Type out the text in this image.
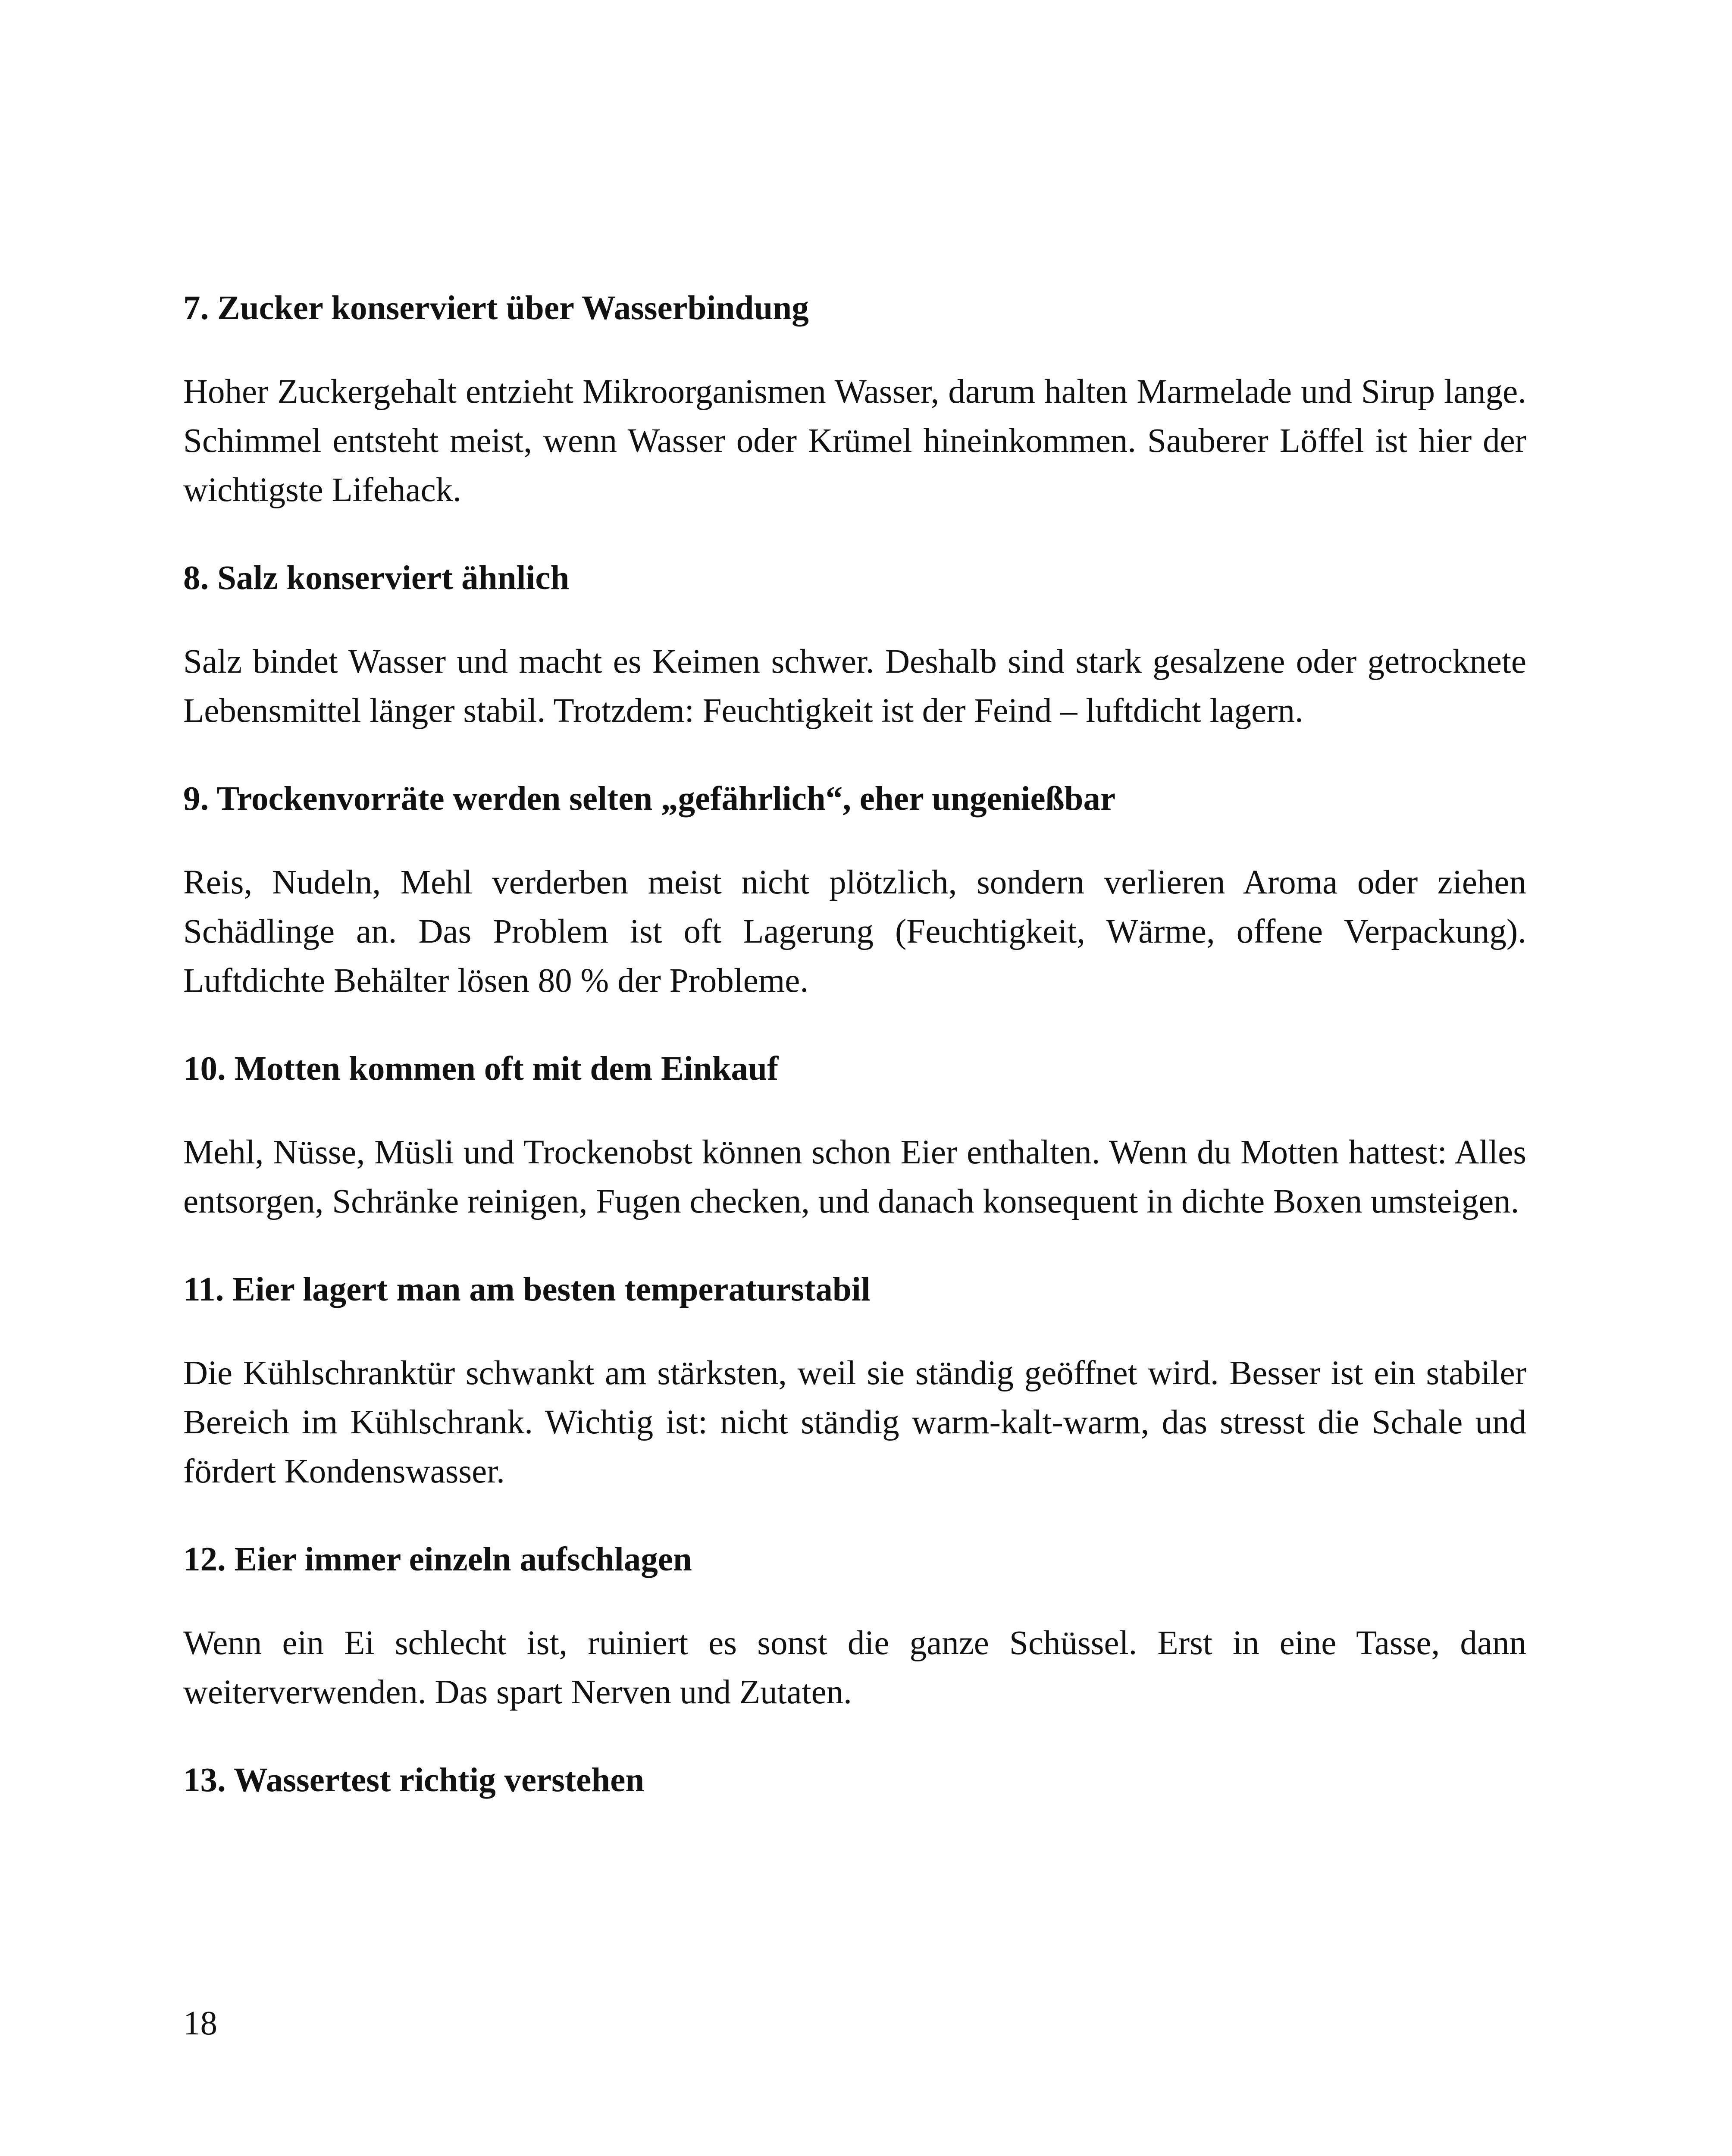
7. Zucker konserviert über Wasserbindung

Hoher Zuckergehalt entzieht Mikroorganismen Wasser, darum halten Marmelade und Sirup lange. Schimmel entsteht meist, wenn Wasser oder Krümel hineinkommen. Sauberer Löffel ist hier der wichtigste Lifehack.

8. Salz konserviert ähnlich

Salz bindet Wasser und macht es Keimen schwer. Deshalb sind stark gesalzene oder getrocknete Lebensmittel länger stabil. Trotzdem: Feuchtigkeit ist der Feind – luftdicht lagern.

9. Trockenvorräte werden selten „gefährlich“, eher ungenießbar

Reis, Nudeln, Mehl verderben meist nicht plötzlich, sondern verlieren Aroma oder ziehen Schädlinge an. Das Problem ist oft Lagerung (Feuchtigkeit, Wärme, offene Verpackung). Luftdichte Behälter lösen 80 % der Probleme.

10. Motten kommen oft mit dem Einkauf

Mehl, Nüsse, Müsli und Trockenobst können schon Eier enthalten. Wenn du Motten hattest: Alles entsorgen, Schränke reinigen, Fugen checken, und danach konsequent in dichte Boxen umsteigen.

11. Eier lagert man am besten temperaturstabil

Die Kühlschranktür schwankt am stärksten, weil sie ständig geöffnet wird. Besser ist ein stabiler Bereich im Kühlschrank. Wichtig ist: nicht ständig warm-kalt-warm, das stresst die Schale und fördert Kondenswasser.

12. Eier immer einzeln aufschlagen

Wenn ein Ei schlecht ist, ruiniert es sonst die ganze Schüssel. Erst in eine Tasse, dann weiterverwenden. Das spart Nerven und Zutaten.

13. Wassertest richtig verstehen
18
